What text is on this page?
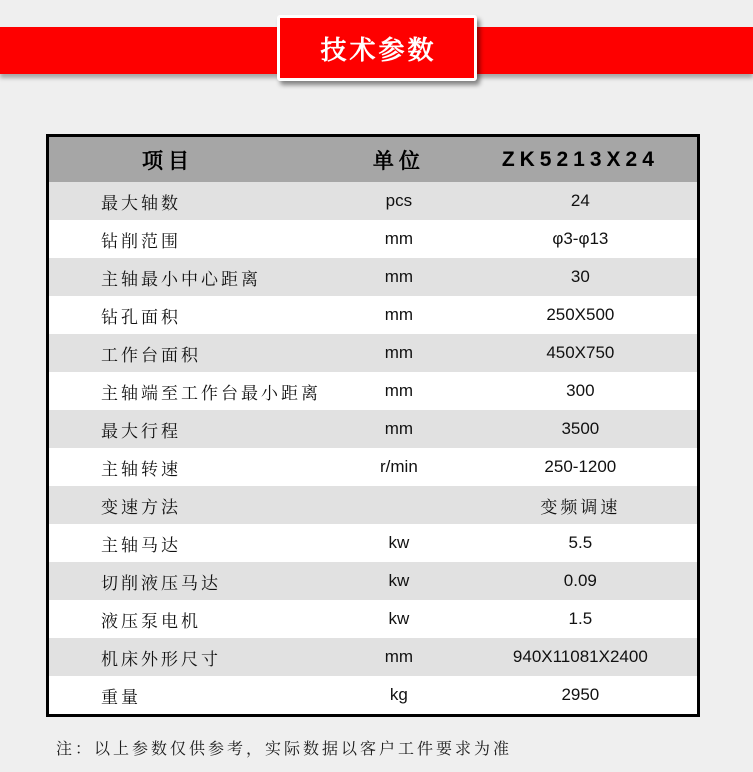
技术参数
项目	单位	ZK5213X24
最大轴数	pcs	24
钻削范围	mm	φ3-φ13
主轴最小中心距离	mm	30
钻孔面积	mm	250X500
工作台面积	mm	450X750
主轴端至工作台最小距离	mm	300
最大行程	mm	3500
主轴转速	r/min	250-1200
变速方法		变频调速
主轴马达	kw	5.5
切削液压马达	kw	0.09
液压泵电机	kw	1.5
机床外形尺寸	mm	940X11081X2400
重量	kg	2950

注：以上参数仅供参考，实际数据以客户工件要求为准
